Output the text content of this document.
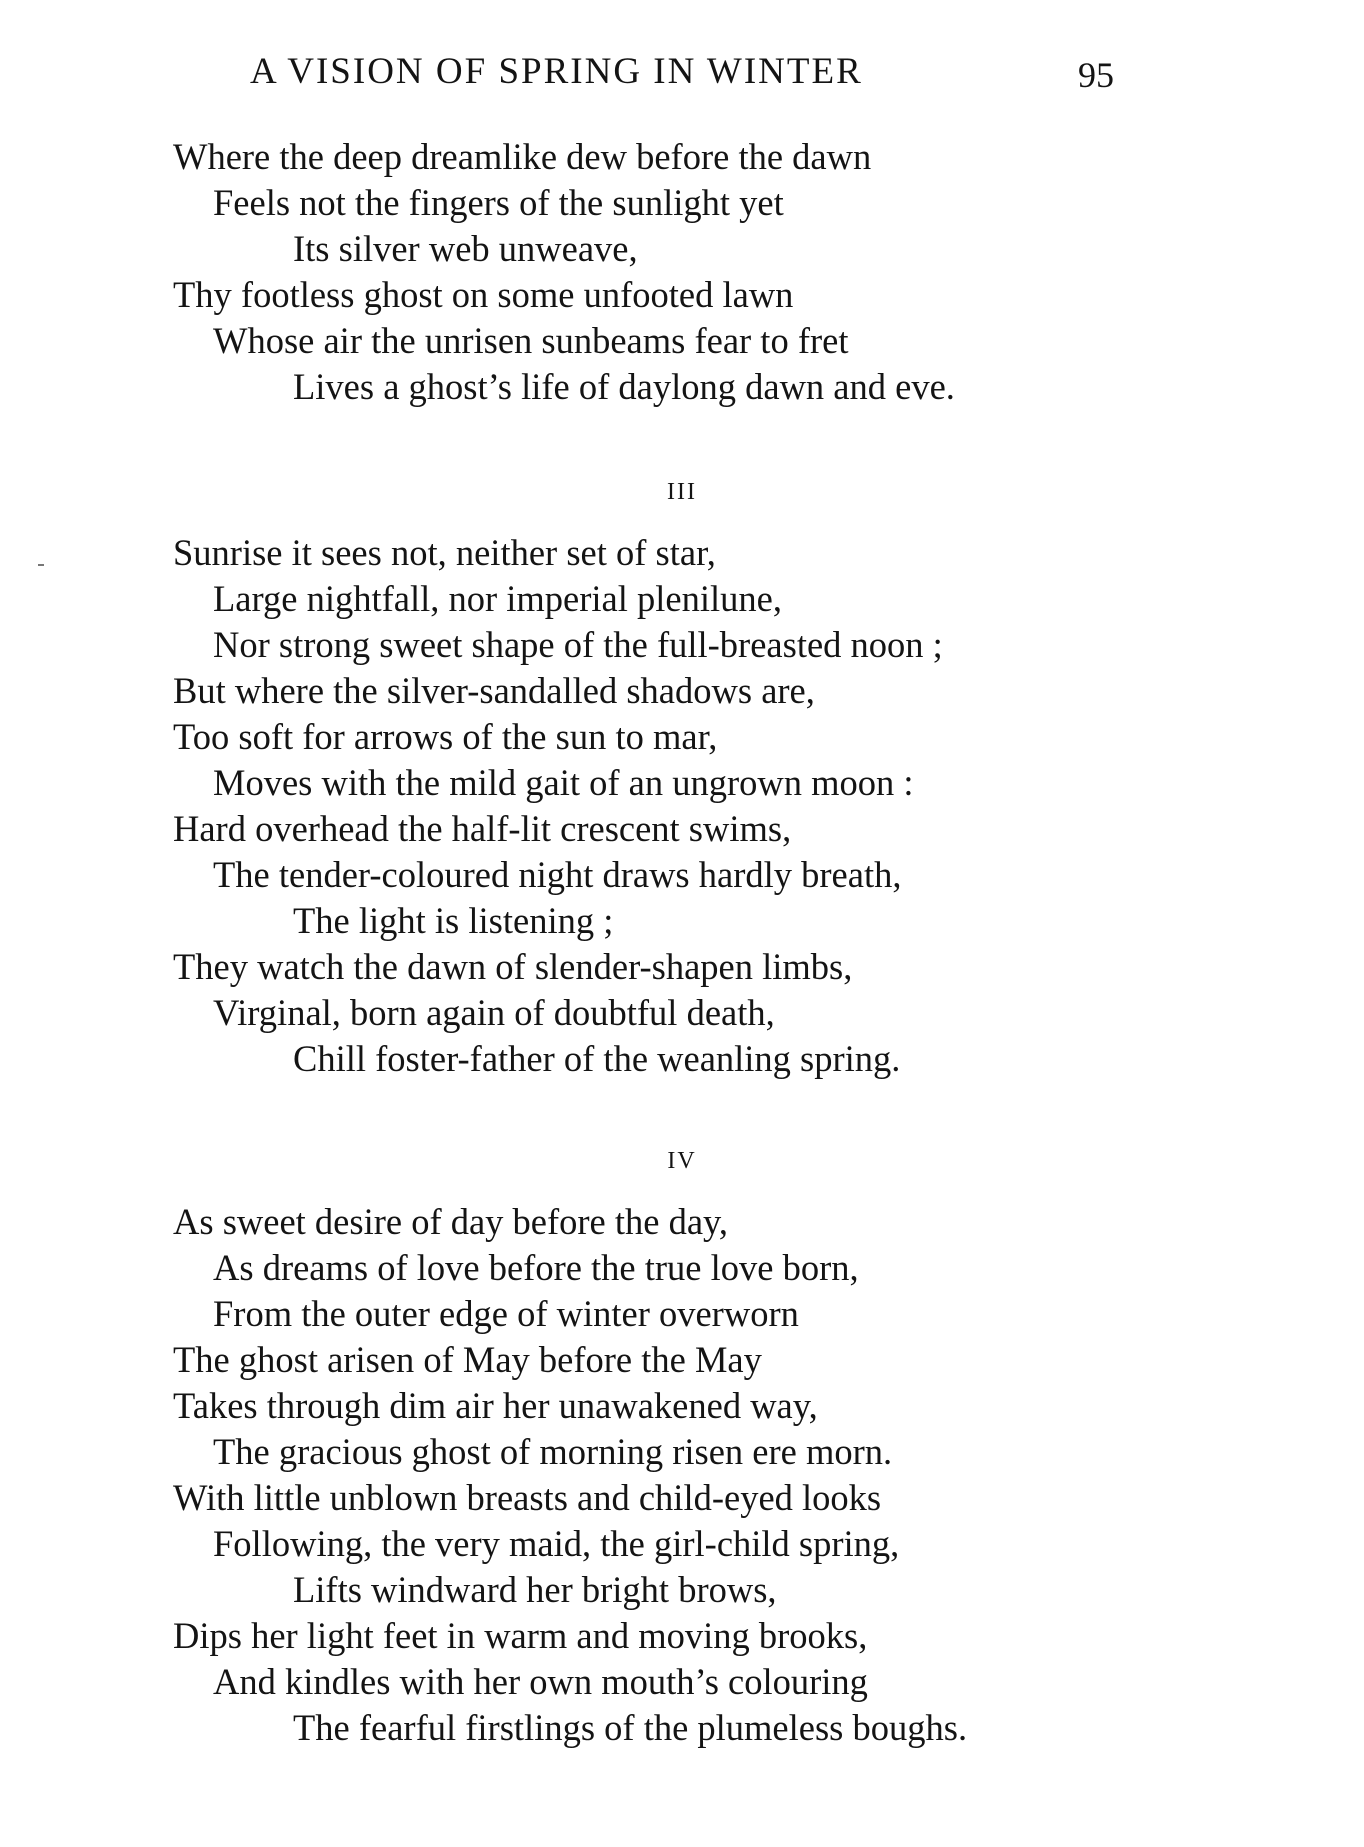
A VISION OF SPRING IN WINTER	95
Where the deep dreamlike dew before the dawn
Feels not the fingers of the sunlight yet
Its silver web unweave,
Thy footless ghost on some unfooted lawn
Whose air the unrisen sunbeams fear to fret
Lives a ghost’s life of daylong dawn and eve.
III
Sunrise it sees not, neither set of star,
Large nightfall, nor imperial plenilune,
Nor strong sweet shape of the full-breasted noon ;
But where the silver-sandalled shadows are,
Too soft for arrows of the sun to mar,
Moves with the mild gait of an ungrown moon :
Hard overhead the half-lit crescent swims,
The tender-coloured night draws hardly breath,
The light is listening ;
They watch the dawn of slender-shapen limbs,
Virginal, born again of doubtful death,
Chill foster-father of the weanling spring.
IV
As sweet desire of day before the day,
As dreams of love before the true love born,
From the outer edge of winter overworn
The ghost arisen of May before the May
Takes through dim air her unawakened way,
The gracious ghost of morning risen ere morn.
With little unblown breasts and child-eyed looks
Following, the very maid, the girl-child spring,
Lifts windward her bright brows,
Dips her light feet in warm and moving brooks,
And kindles with her own mouth’s colouring
The fearful firstlings of the plumeless boughs.
